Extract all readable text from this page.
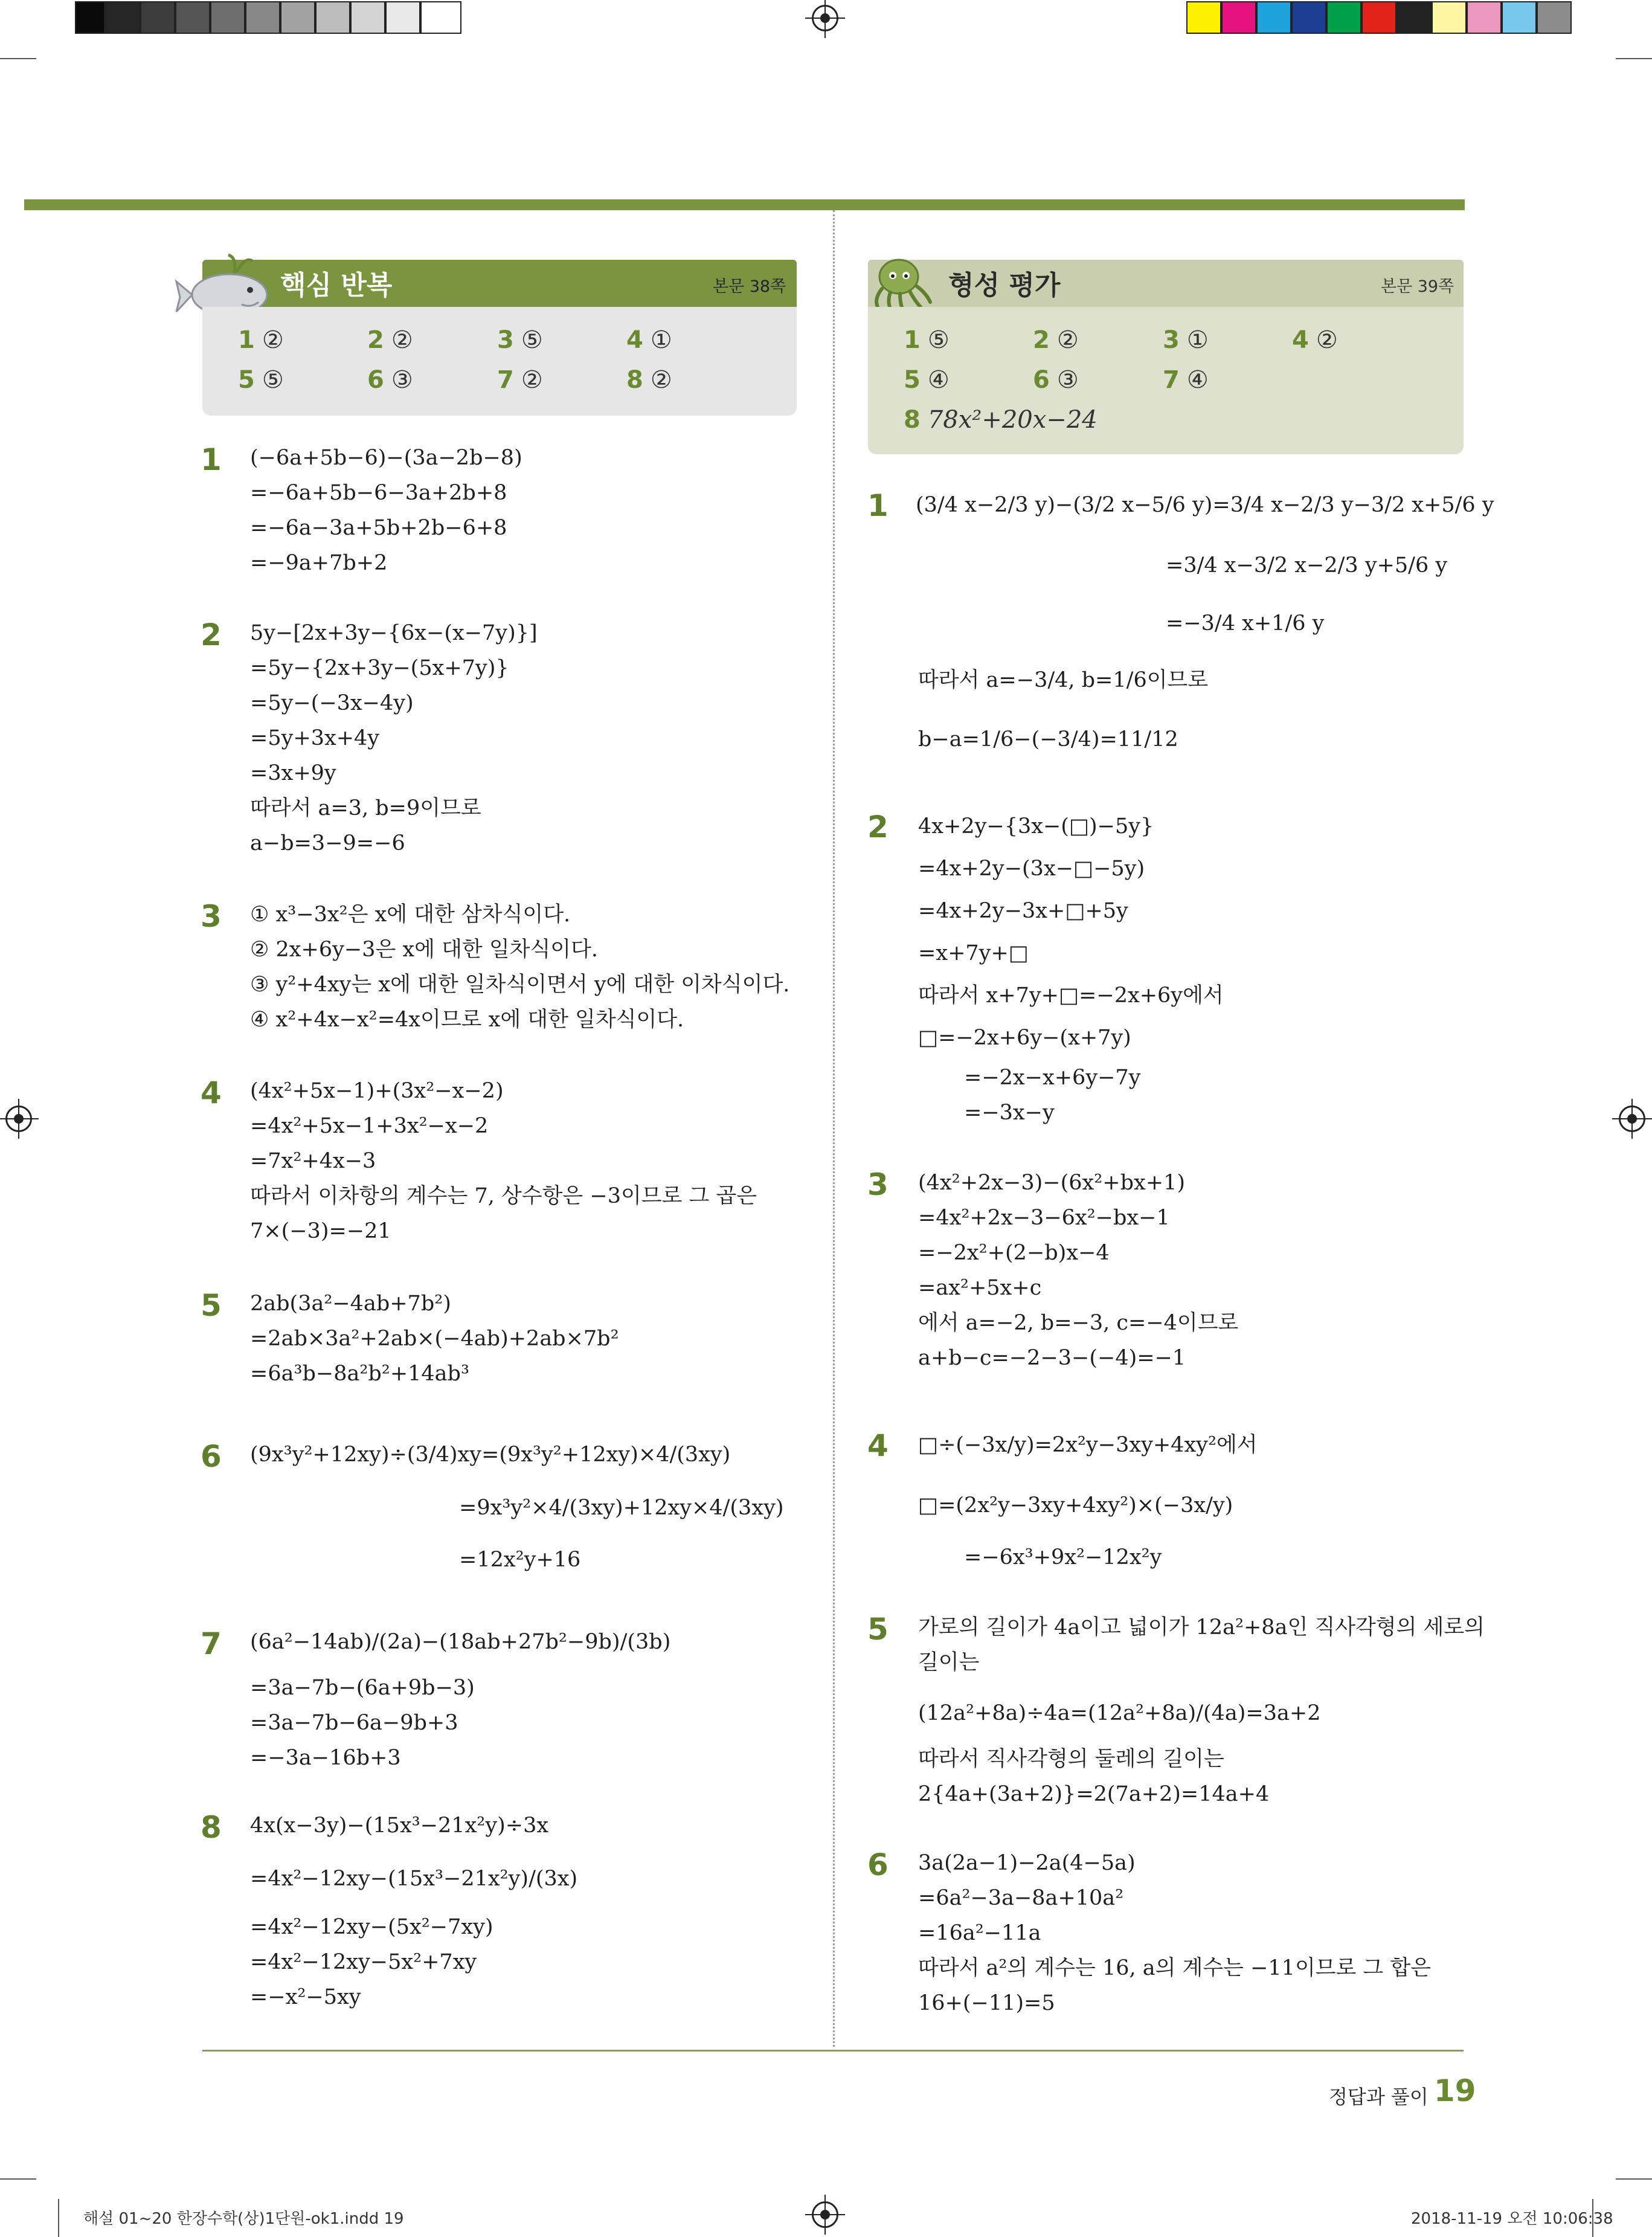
핵심 반복	본문 38쪽
1 ②	2 ②	3 ⑤	4 ①
5 ⑤	6 ③	7 ②	8 ②
형성 평가	본문 39쪽
1 ⑤	2 ②	3 ①	4 ②
5 ④	6 ③	7 ④
8 78x²+20x−24
1 (−6a+5b−6)−(3a−2b−8)
=−6a+5b−6−3a+2b+8
=−6a−3a+5b+2b−6+8
=−9a+7b+2
2 5y−[2x+3y−{6x−(x−7y)}]
=5y−{2x+3y−(5x+7y)}
=5y−(−3x−4y)
=5y+3x+4y
=3x+9y
따라서 a=3, b=9이므로
a−b=3−9=−6
3 ① x³−3x²은 x에 대한 삼차식이다.
② 2x+6y−3은 x에 대한 일차식이다.
③ y²+4xy는 x에 대한 일차식이면서 y에 대한 이차식이다.
④ x²+4x−x²=4x이므로 x에 대한 일차식이다.
4 (4x²+5x−1)+(3x²−x−2)
=4x²+5x−1+3x²−x−2
=7x²+4x−3
따라서 이차항의 계수는 7, 상수항은 −3이므로 그 곱은
7×(−3)=−21
5 2ab(3a²−4ab+7b²)
=2ab×3a²+2ab×(−4ab)+2ab×7b²
=6a³b−8a²b²+14ab³
6 (9x³y²+12xy)÷(3/4)xy=(9x³y²+12xy)×4/(3xy)
=9x³y²×4/(3xy)+12xy×4/(3xy)
=12x²y+16
7 (6a²−14ab)/(2a)−(18ab+27b²−9b)/(3b)
=3a−7b−(6a+9b−3)
=3a−7b−6a−9b+3
=−3a−16b+3
8 4x(x−3y)−(15x³−21x²y)÷3x
=4x²−12xy−(15x³−21x²y)/(3x)
=4x²−12xy−(5x²−7xy)
=4x²−12xy−5x²+7xy
=−x²−5xy
1 (3/4 x−2/3 y)−(3/2 x−5/6 y)=3/4 x−2/3 y−3/2 x+5/6 y
=3/4 x−3/2 x−2/3 y+5/6 y
=−3/4 x+1/6 y
따라서 a=−3/4, b=1/6이므로
b−a=1/6−(−3/4)=11/12
2 4x+2y−{3x−(□)−5y}
=4x+2y−(3x−□−5y)
=4x+2y−3x+□+5y
=x+7y+□
따라서 x+7y+□=−2x+6y에서
□=−2x+6y−(x+7y)
=−2x−x+6y−7y
=−3x−y
3 (4x²+2x−3)−(6x²+bx+1)
=4x²+2x−3−6x²−bx−1
=−2x²+(2−b)x−4
=ax²+5x+c
에서 a=−2, b=−3, c=−4이므로
a+b−c=−2−3−(−4)=−1
4 □÷(−3x/y)=2x²y−3xy+4xy²에서
□=(2x²y−3xy+4xy²)×(−3x/y)
=−6x³+9x²−12x²y
5 가로의 길이가 4a이고 넓이가 12a²+8a인 직사각형의 세로의
길이는
(12a²+8a)÷4a=(12a²+8a)/(4a)=3a+2
따라서 직사각형의 둘레의 길이는
2{4a+(3a+2)}=2(7a+2)=14a+4
6 3a(2a−1)−2a(4−5a)
=6a²−3a−8a+10a²
=16a²−11a
따라서 a²의 계수는 16, a의 계수는 −11이므로 그 합은
16+(−11)=5
정답과 풀이 19
해설 01~20 한장수학(상)1단원-ok1.indd 19	2018-11-19 오전 10:06:38
